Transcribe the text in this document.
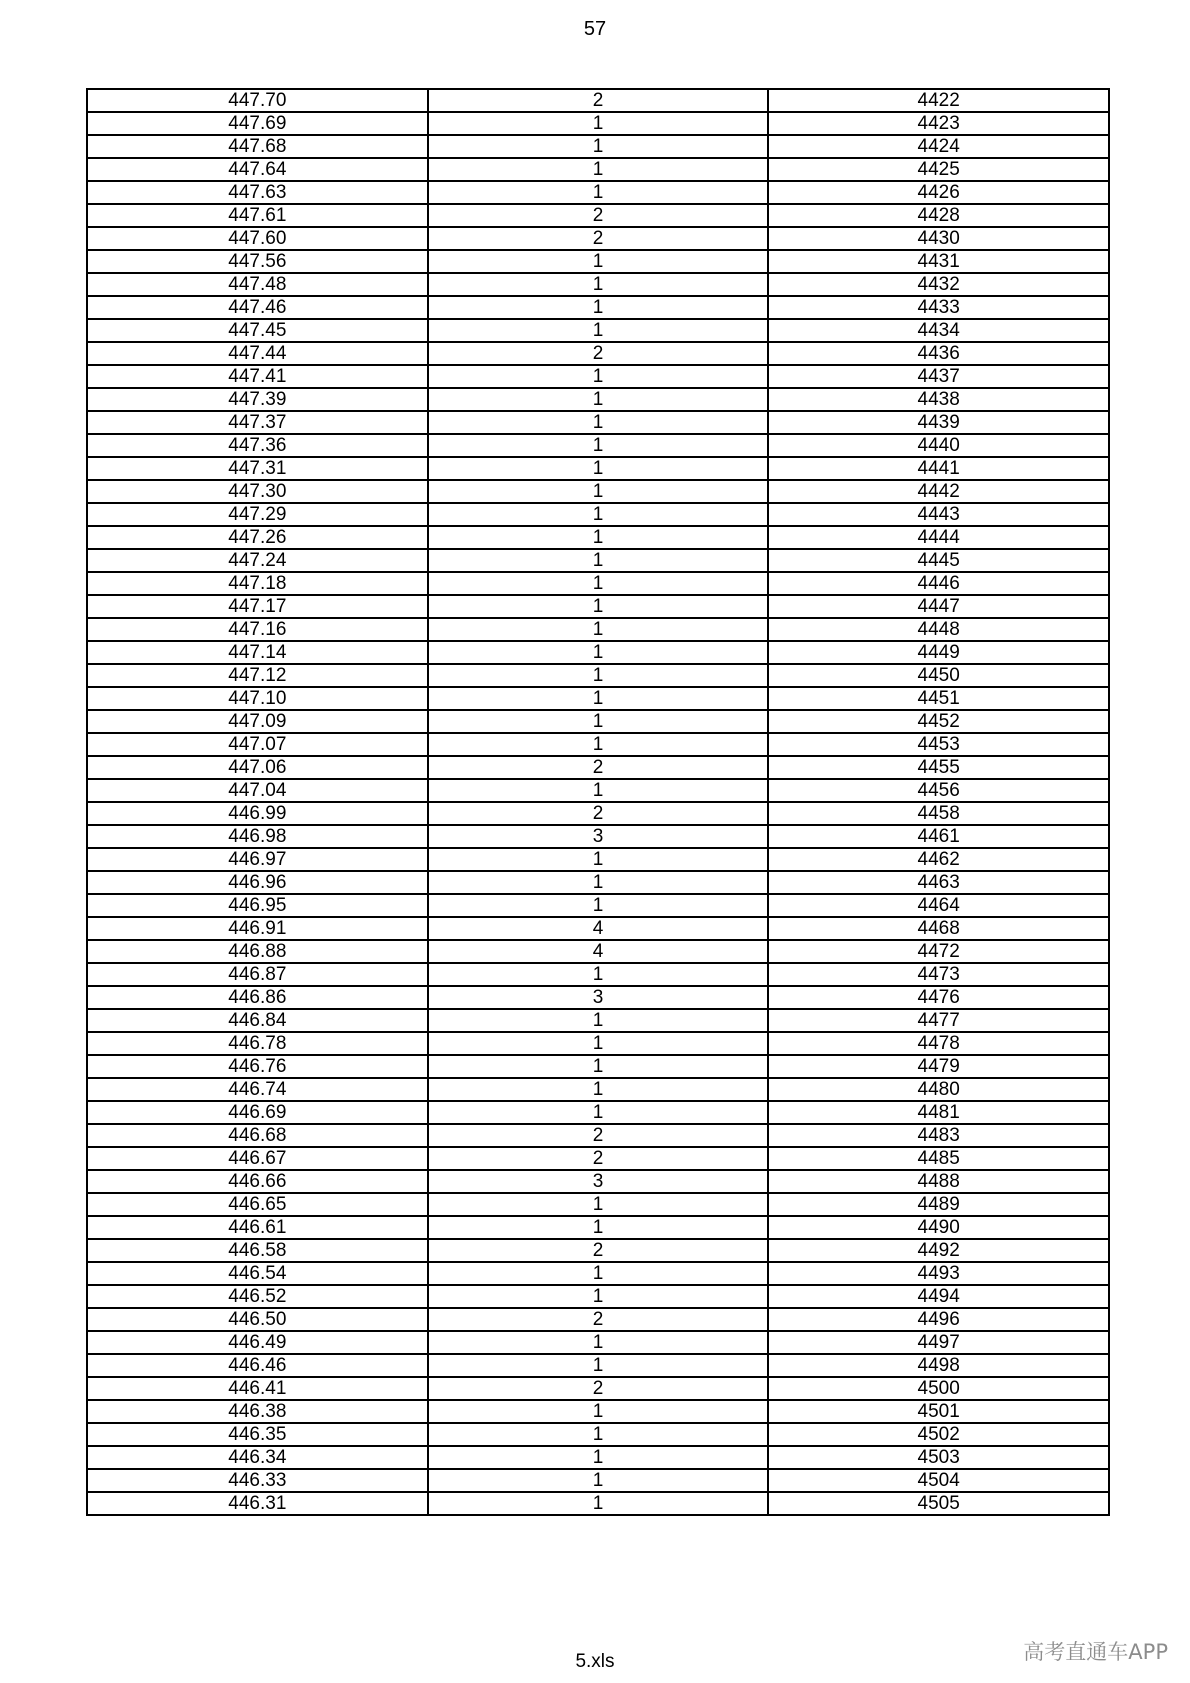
57
447.70	2	4422
447.69	1	4423
447.68	1	4424
447.64	1	4425
447.63	1	4426
447.61	2	4428
447.60	2	4430
447.56	1	4431
447.48	1	4432
447.46	1	4433
447.45	1	4434
447.44	2	4436
447.41	1	4437
447.39	1	4438
447.37	1	4439
447.36	1	4440
447.31	1	4441
447.30	1	4442
447.29	1	4443
447.26	1	4444
447.24	1	4445
447.18	1	4446
447.17	1	4447
447.16	1	4448
447.14	1	4449
447.12	1	4450
447.10	1	4451
447.09	1	4452
447.07	1	4453
447.06	2	4455
447.04	1	4456
446.99	2	4458
446.98	3	4461
446.97	1	4462
446.96	1	4463
446.95	1	4464
446.91	4	4468
446.88	4	4472
446.87	1	4473
446.86	3	4476
446.84	1	4477
446.78	1	4478
446.76	1	4479
446.74	1	4480
446.69	1	4481
446.68	2	4483
446.67	2	4485
446.66	3	4488
446.65	1	4489
446.61	1	4490
446.58	2	4492
446.54	1	4493
446.52	1	4494
446.50	2	4496
446.49	1	4497
446.46	1	4498
446.41	2	4500
446.38	1	4501
446.35	1	4502
446.34	1	4503
446.33	1	4504
446.31	1	4505
5.xls	高考直通车APP
